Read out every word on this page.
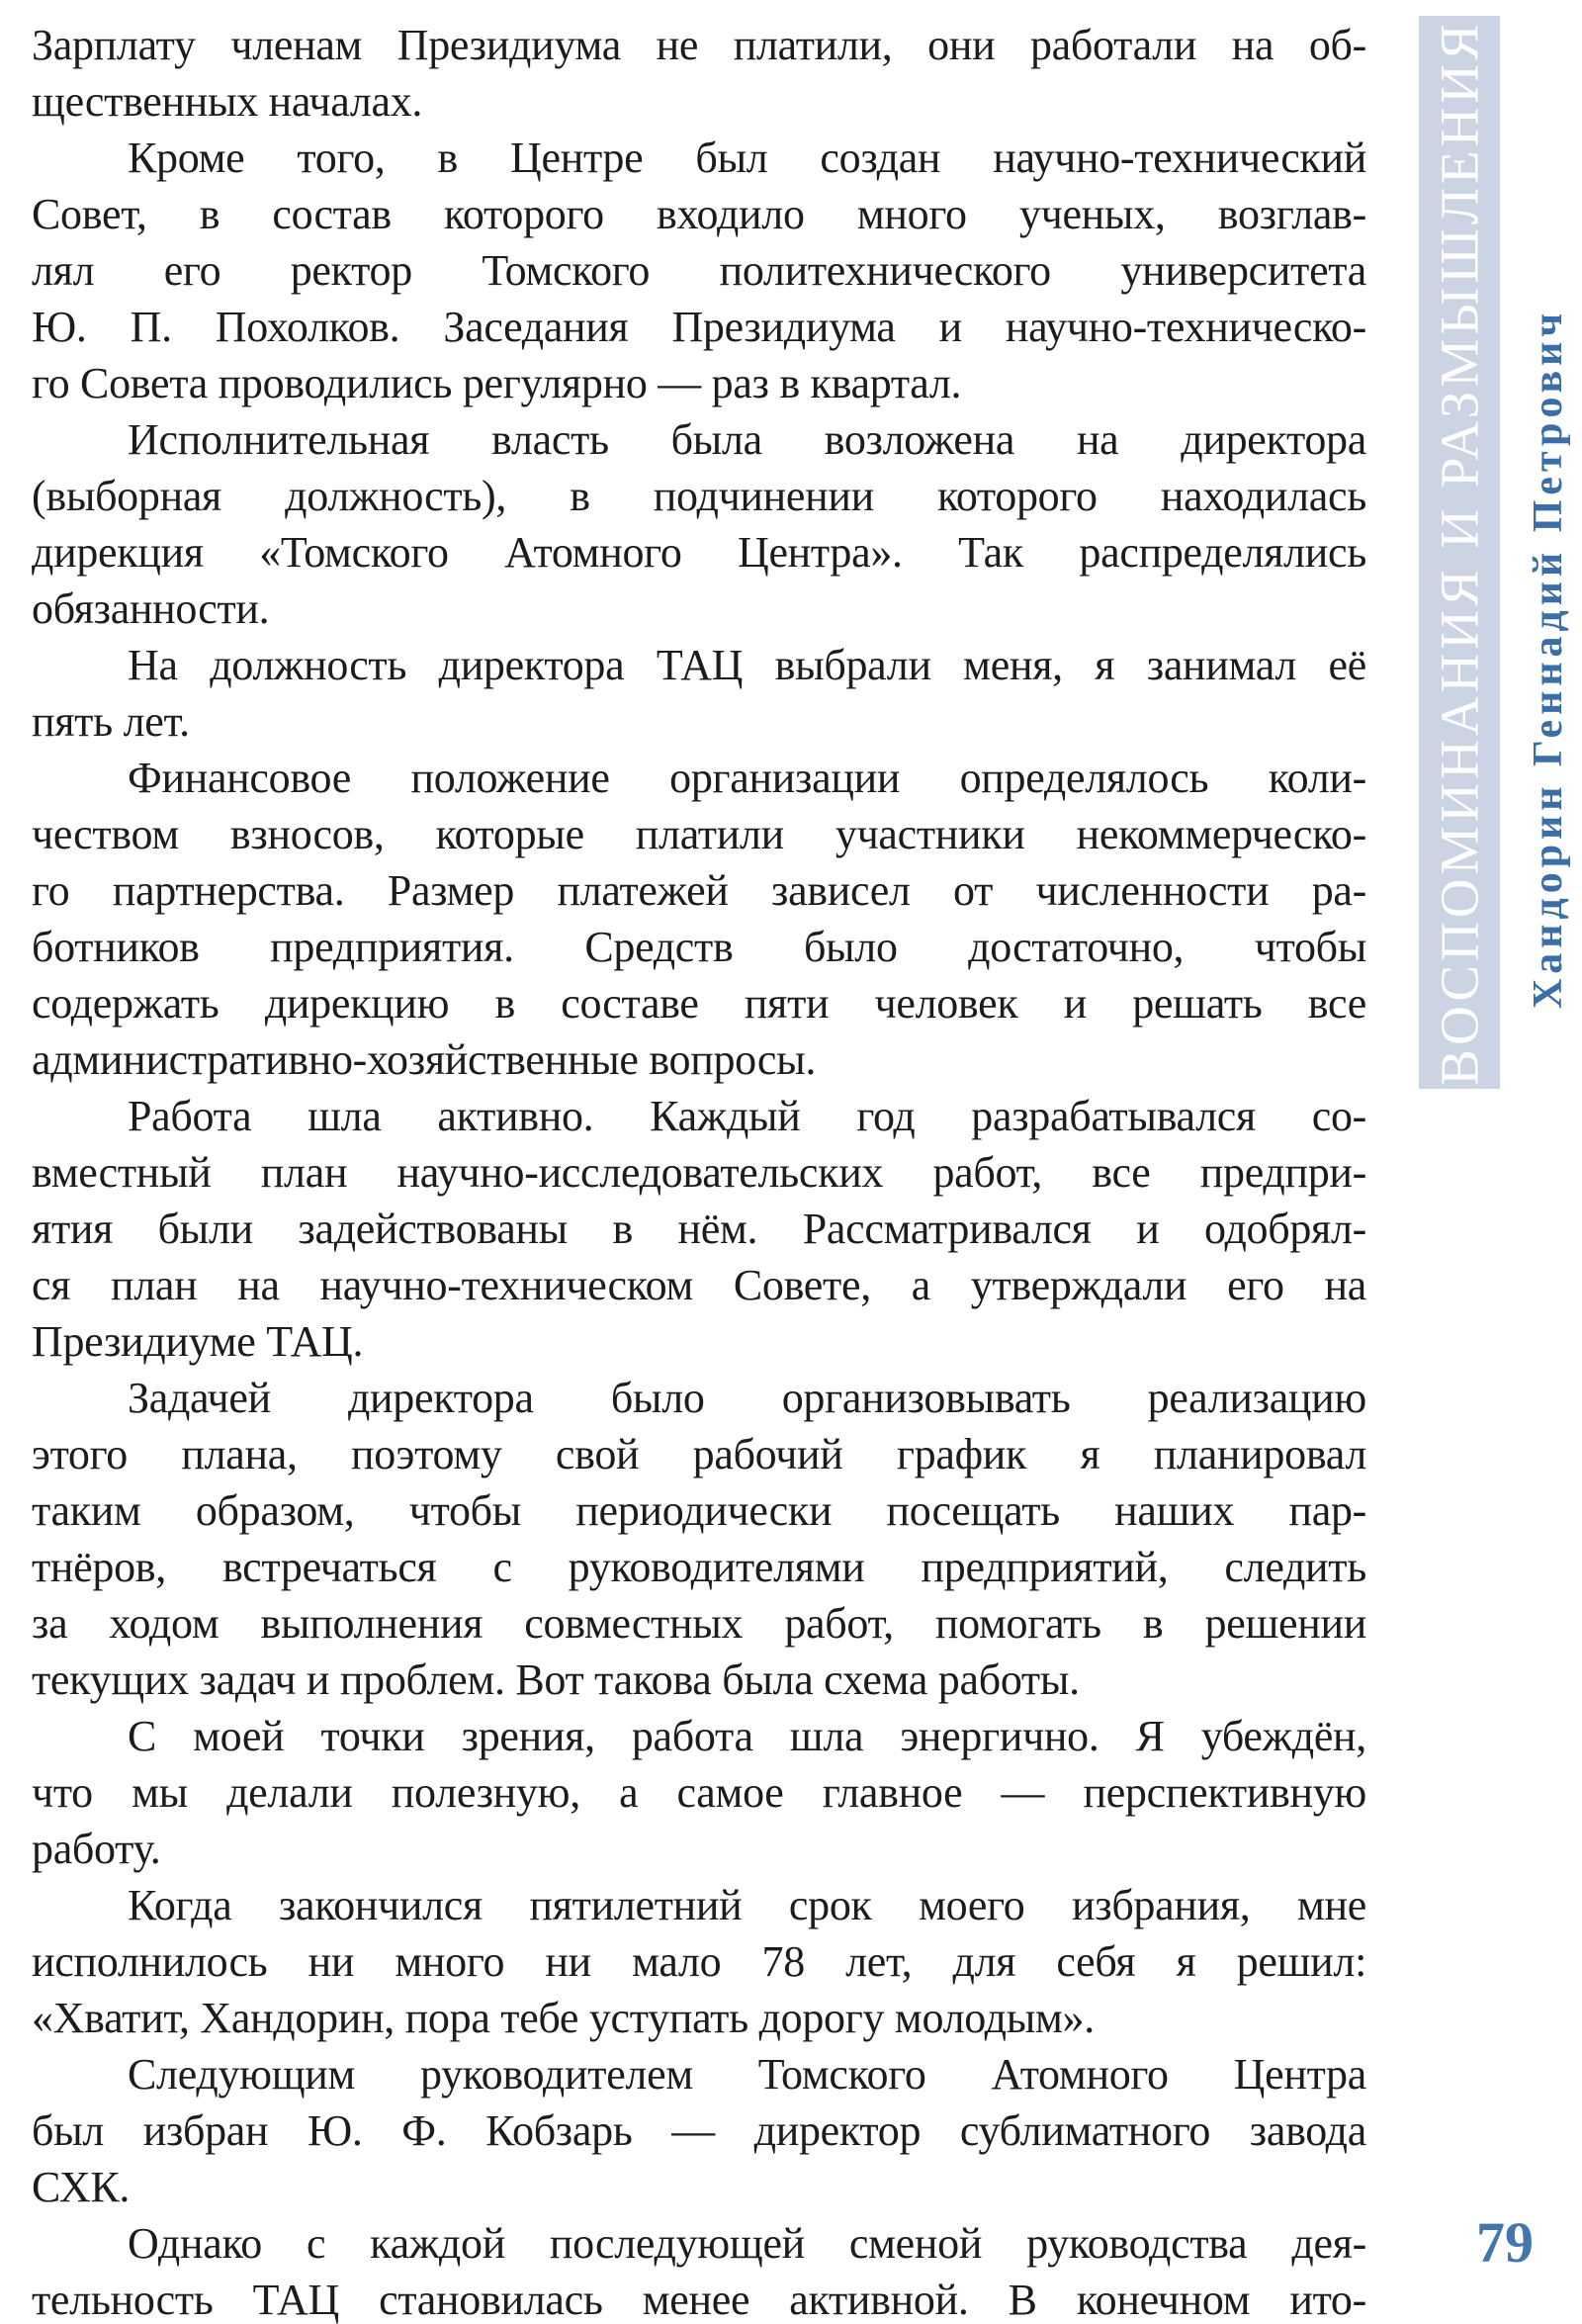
Зарплату членам Президиума не платили, они работали на об-
щественных началах.
Кроме того, в Центре был создан научно-технический
Совет, в состав которого входило много ученых, возглав-
лял его ректор Томского политехнического университета
Ю. П. Похолков. Заседания Президиума и научно-техническо-
го Совета проводились регулярно — раз в квартал.
Исполнительная власть была возложена на директора
(выборная должность), в подчинении которого находилась
дирекция «Томского Атомного Центра». Так распределялись
обязанности.
На должность директора ТАЦ выбрали меня, я занимал её
пять лет.
Финансовое положение организации определялось коли-
чеством взносов, которые платили участники некоммерческо-
го партнерства. Размер платежей зависел от численности ра-
ботников предприятия. Средств было достаточно, чтобы
содержать дирекцию в составе пяти человек и решать все
административно-хозяйственные вопросы.
Работа шла активно. Каждый год разрабатывался со-
вместный план научно-исследовательских работ, все предпри-
ятия были задействованы в нём. Рассматривался и одобрял-
ся план на научно-техническом Совете, а утверждали его на
Президиуме ТАЦ.
Задачей директора было организовывать реализацию
этого плана, поэтому свой рабочий график я планировал
таким образом, чтобы периодически посещать наших пар-
тнёров, встречаться с руководителями предприятий, следить
за ходом выполнения совместных работ, помогать в решении
текущих задач и проблем. Вот такова была схема работы.
С моей точки зрения, работа шла энергично. Я убеждён,
что мы делали полезную, а самое главное — перспективную
работу.
Когда закончился пятилетний срок моего избрания, мне
исполнилось ни много ни мало 78 лет, для себя я решил:
«Хватит, Хандорин, пора тебе уступать дорогу молодым».
Следующим руководителем Томского Атомного Центра
был избран Ю. Ф. Кобзарь — директор сублиматного завода
СХК.
Однако с каждой последующей сменой руководства дея-
тельность ТАЦ становилась менее активной. В конечном ито-
ВОСПОМИНАНИЯ И РАЗМЫШЛЕНИЯ Хандорин Геннадий Петрович
79
